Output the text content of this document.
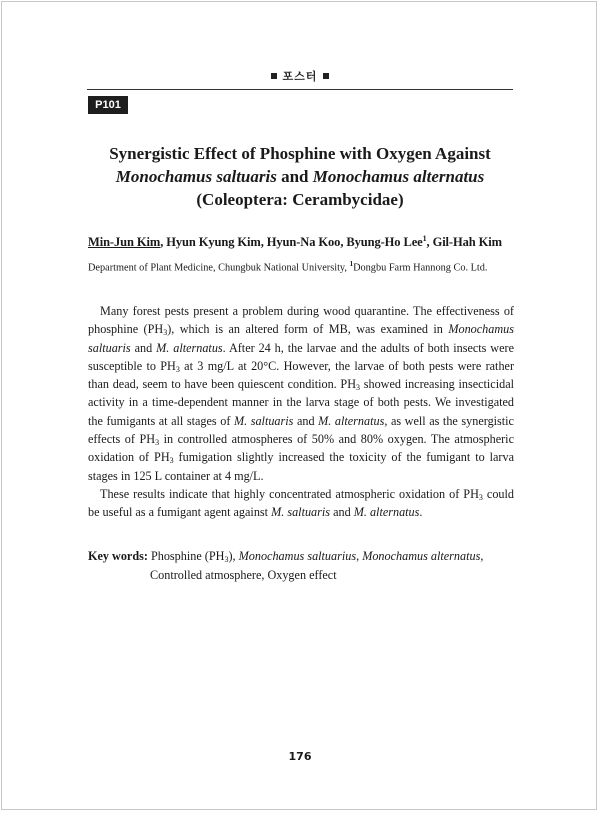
포스터
P101
Synergistic Effect of Phosphine with Oxygen Against
Monochamus saltuaris and Monochamus alternatus
(Coleoptera: Cerambycidae)
Min-Jun Kim, Hyun Kyung Kim, Hyun-Na Koo, Byung-Ho Lee$^1$, Gil-Hah Kim
Department of Plant Medicine, Chungbuk National University, $^1$Dongbu Farm Hannong Co. Ltd.

Many forest pests present a problem during wood quarantine. The effectiveness of phosphine $(PH_3)$, which is an altered form of MB, was examined in Monochamus saltuaris and M. alternatus. After 24 h, the larvae and the adults of both insects were susceptible to $PH_3$ at 3 mg/L at 20°C. However, the larvae of both pests were rather than dead, seem to have been quiescent condition. $PH_3$ showed increasing insecticidal activity in a time-dependent manner in the larva stage of both pests. We investigated the fumigants at all stages of M. saltuaris and M. alternatus, as well as the synergistic effects of $PH_3$ in controlled atmospheres of 50% and 80% oxygen. The atmospheric oxidation of $PH_3$ fumigation slightly increased the toxicity of the fumigant to larva stages in 125 L container at 4 mg/L.

These results indicate that highly concentrated atmospheric oxidation of $PH_3$ could be useful as a fumigant agent against M. saltuaris and M. alternatus.

Key words: Phosphine $(PH_3)$, Monochamus saltuarius, Monochamus alternatus,
Controlled atmosphere, Oxygen effect
176
